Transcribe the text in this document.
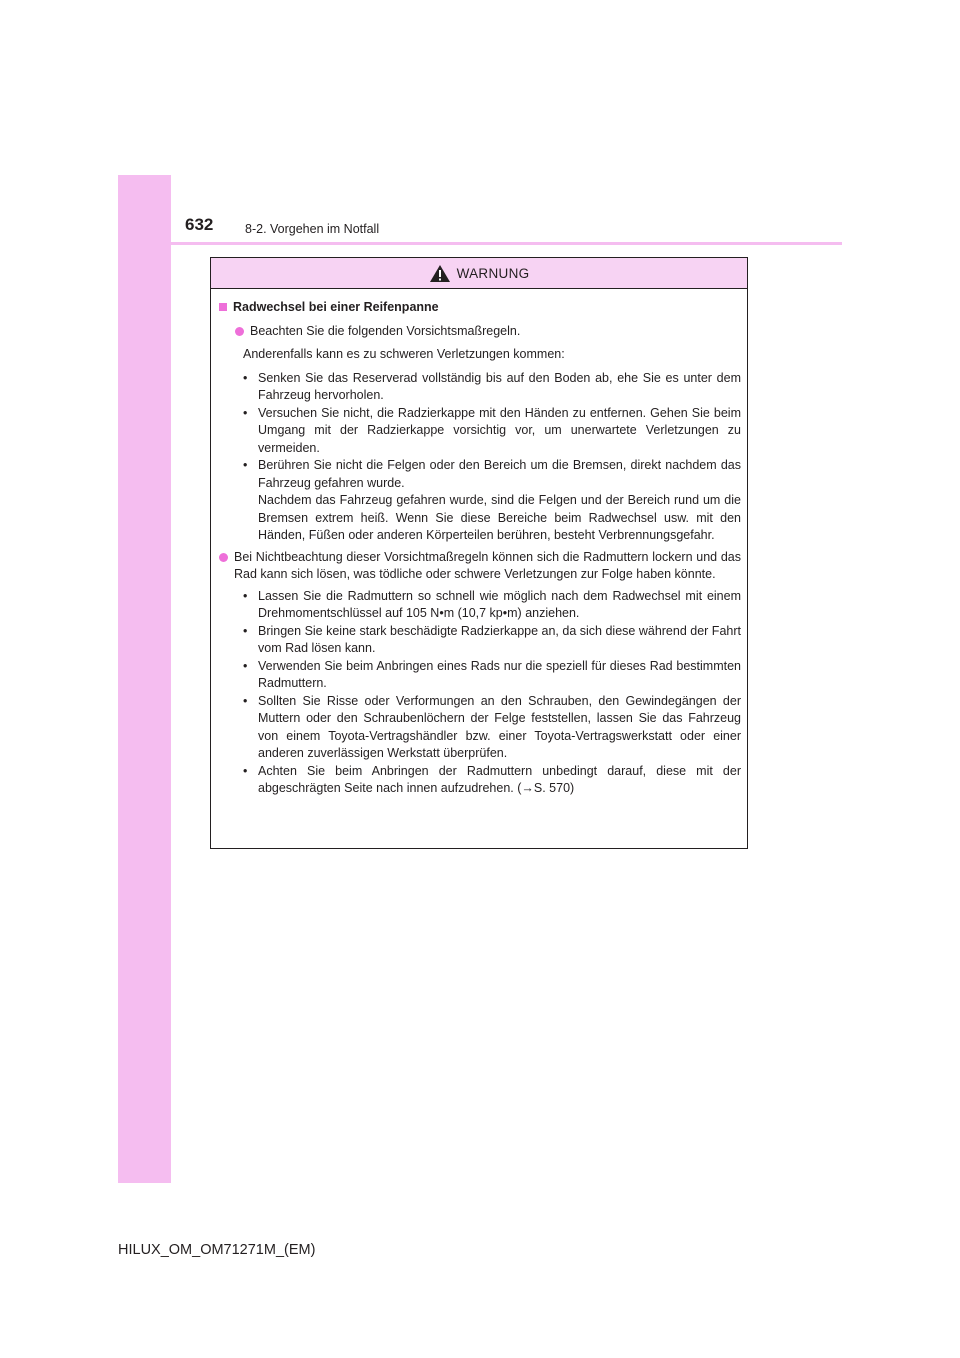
632	8-2. Vorgehen im Notfall
WARNUNG
Radwechsel bei einer Reifenpanne
Beachten Sie die folgenden Vorsichtsmaßregeln.
Anderenfalls kann es zu schweren Verletzungen kommen:
• Senken Sie das Reserverad vollständig bis auf den Boden ab, ehe Sie es unter dem Fahrzeug hervorholen.

• Versuchen Sie nicht, die Radzierkappe mit den Händen zu entfernen. Gehen Sie beim Umgang mit der Radzierkappe vorsichtig vor, um unerwartete Verletzungen zu vermeiden.

• Berühren Sie nicht die Felgen oder den Bereich um die Bremsen, direkt nachdem das Fahrzeug gefahren wurde.

Nachdem das Fahrzeug gefahren wurde, sind die Felgen und der Bereich rund um die Bremsen extrem heiß. Wenn Sie diese Bereiche beim Radwechsel usw. mit den Händen, Füßen oder anderen Körperteilen berühren, besteht Verbrennungsgefahr.

Bei Nichtbeachtung dieser Vorsichtmaßregeln können sich die Radmuttern lockern und das Rad kann sich lösen, was tödliche oder schwere Verletzungen zur Folge haben könnte.
• Lassen Sie die Radmuttern so schnell wie möglich nach dem Radwechsel mit einem Drehmomentschlüssel auf 105 N•m (10,7 kp•m) anziehen.

• Bringen Sie keine stark beschädigte Radzierkappe an, da sich diese während der Fahrt vom Rad lösen kann.

• Verwenden Sie beim Anbringen eines Rads nur die speziell für dieses Rad bestimmten Radmuttern.

• Sollten Sie Risse oder Verformungen an den Schrauben, den Gewindegängen der Muttern oder den Schraubenlöchern der Felge feststellen, lassen Sie das Fahrzeug von einem Toyota-Vertragshändler bzw. einer Toyota-Vertragswerkstatt oder einer anderen zuverlässigen Werkstatt überprüfen.

• Achten Sie beim Anbringen der Radmuttern unbedingt darauf, diese mit der abgeschrägten Seite nach innen aufzudrehen. (→S. 570)

HILUX_OM_OM71271M_(EM)
